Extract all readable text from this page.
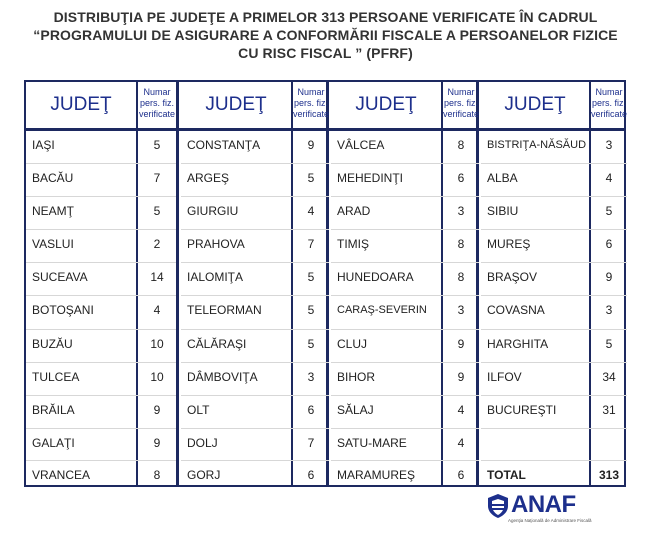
DISTRIBUŢIA PE JUDEŢE A PRIMELOR 313 PERSOANE VERIFICATE ÎN CADRUL
“PROGRAMULUI DE ASIGURARE A CONFORMĂRII FISCALE A PERSOANELOR FIZICE
CU RISC FISCAL ” (PFRF)
JUDEŢ
Numar
pers. fiz.
verificate
IAŞI	5
BACĂU	7
NEAMŢ	5
VASLUI	2
SUCEAVA	14
BOTOŞANI	4
BUZĂU	10
TULCEA	10
BRĂILA	9
GALAŢI	9
VRANCEA	8
JUDEŢ
Numar
pers. fiz.
verificate
CONSTANŢA	9
ARGEŞ	5
GIURGIU	4
PRAHOVA	7
IALOMIŢA	5
TELEORMAN	5
CĂLĂRAŞI	5
DÂMBOVIŢA	3
OLT	6
DOLJ	7
GORJ	6
JUDEŢ
Numar
pers. fiz.
verificate
VÂLCEA	8
MEHEDINŢI	6
ARAD	3
TIMIŞ	8
HUNEDOARA	8
CARAŞ-SEVERIN	3
CLUJ	9
BIHOR	9
SĂLAJ	4
SATU-MARE	4
MARAMUREŞ	6
JUDEŢ
Numar
pers. fiz.
verificate
BISTRIŢA-NĂSĂUD	3
ALBA	4
SIBIU	5
MUREŞ	6
BRAŞOV	9
COVASNA	3
HARGHITA	5
ILFOV	34
BUCUREŞTI	31
TOTAL	313
ANAF
Agenţia Naţională de Administrare Fiscală
